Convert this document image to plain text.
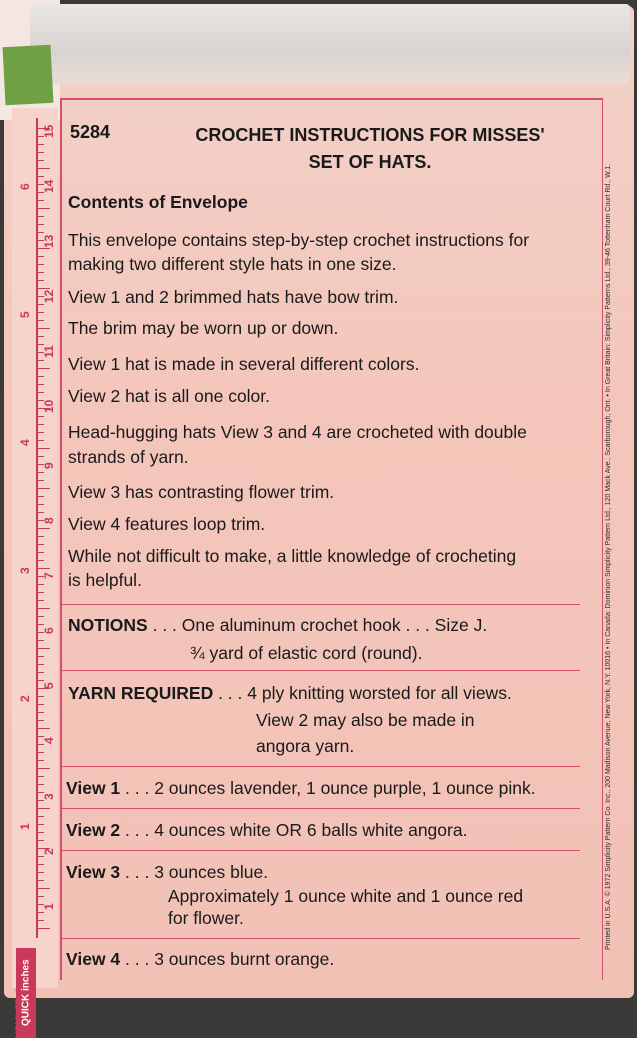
1
2
3
4
5
6
7
8
9
10
11
12
13
14
15
1
2
3
4
5
6
QUICK inches
MEASURE c/ms
5284	CROCHET INSTRUCTIONS FOR MISSES'
SET OF HATS.
Contents of Envelope
This envelope contains step-by-step crochet instructions for
making two different style hats in one size.
View 1 and 2 brimmed hats have bow trim.
The brim may be worn up or down.
View 1 hat is made in several different colors.
View 2 hat is all one color.
Head-hugging hats View 3 and 4 are crocheted with double
strands of yarn.
View 3 has contrasting flower trim.
View 4 features loop trim.
While not difficult to make, a little knowledge of crocheting
is helpful.
NOTIONS . . . One aluminum crochet hook . . . Size J.
¾ yard of elastic cord (round).
YARN REQUIRED . . . 4 ply knitting worsted for all views.
View 2 may also be made in
angora yarn.
View 1 . . . 2 ounces lavender, 1 ounce purple, 1 ounce pink.
View 2 . . . 4 ounces white OR 6 balls white angora.
View 3 . . . 3 ounces blue.
Approximately 1 ounce white and 1 ounce red
for flower.
View 4 . . . 3 ounces burnt orange.
Printed in U.S.A. © 1972 Simplicity Pattern Co. Inc., 200 Madison Avenue, New York, N.Y. 10016 • In Canada: Dominion Simplicity Pattern Ltd., 120 Mack Ave., Scarborough, Ont. • In Great Britain: Simplicity Patterns Ltd., 39-46 Tottenham Court Rd., W.1.
